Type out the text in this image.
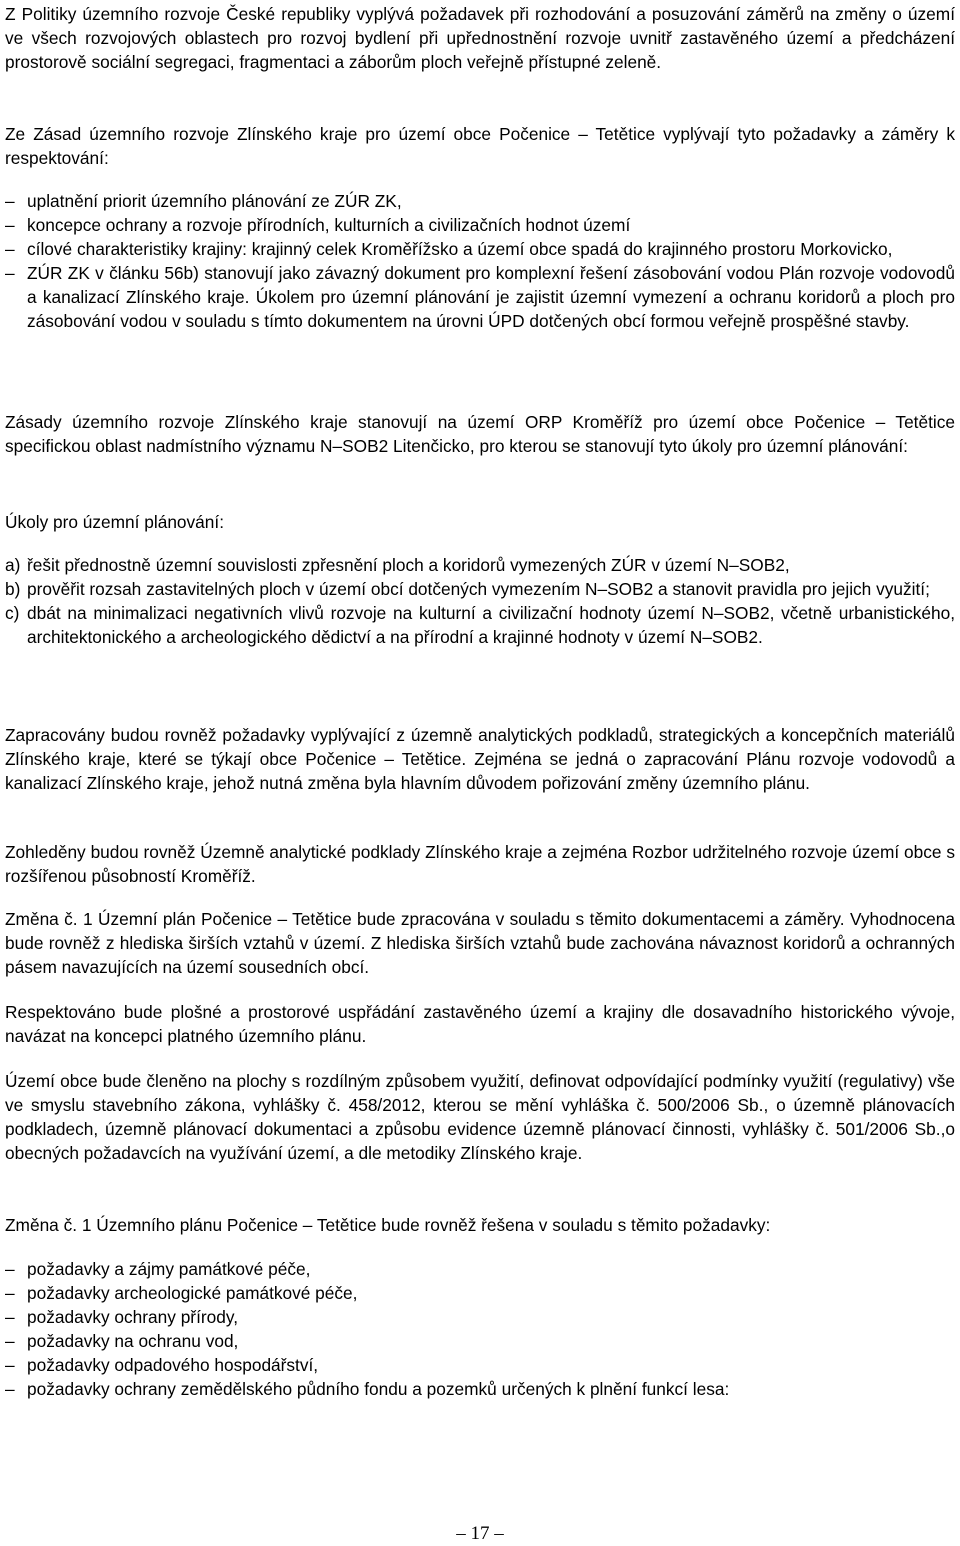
Z Politiky územního rozvoje České republiky vyplývá požadavek při rozhodování a posuzování záměrů na změny o území ve všech rozvojových oblastech pro rozvoj bydlení při upřednostnění rozvoje uvnitř zastavěného území a předcházení prostorově sociální segregaci, fragmentaci a záborům ploch veřejně přístupné zeleně.

Ze Zásad územního rozvoje Zlínského kraje pro území obce Počenice – Tetětice vyplývají tyto požadavky a záměry k respektování:

– uplatnění priorit územního plánování ze ZÚR ZK,
– koncepce ochrany a rozvoje přírodních, kulturních a civilizačních hodnot území
– cílové charakteristiky krajiny: krajinný celek Kroměřížsko a území obce spadá do krajinného prostoru Morkovicko,
– ZÚR ZK v článku 56b) stanovují jako závazný dokument pro komplexní řešení zásobování vodou Plán rozvoje vodovodů a kanalizací Zlínského kraje. Úkolem pro územní plánování je zajistit územní vymezení a ochranu koridorů a ploch pro zásobování vodou v souladu s tímto dokumentem na úrovni ÚPD dotčených obcí formou veřejně prospěšné stavby.

Zásady územního rozvoje Zlínského kraje stanovují na území ORP Kroměříž pro území obce Počenice – Tetětice specifickou oblast nadmístního významu N–SOB2 Litenčicko, pro kterou se stanovují tyto úkoly pro územní plánování:

Úkoly pro územní plánování:

a) řešit přednostně územní souvislosti zpřesnění ploch a koridorů vymezených ZÚR v území N–SOB2,
b) prověřit rozsah zastavitelných ploch v území obcí dotčených vymezením N–SOB2 a stanovit pravidla pro jejich využití;
c) dbát na minimalizaci negativních vlivů rozvoje na kulturní a civilizační hodnoty území N–SOB2, včetně urbanistického, architektonického a archeologického dědictví a na přírodní a krajinné hodnoty v území N–SOB2.

Zapracovány budou rovněž požadavky vyplývající z územně analytických podkladů, strategických a koncepčních materiálů Zlínského kraje, které se týkají obce Počenice – Tetětice. Zejména se jedná o zapracování Plánu rozvoje vodovodů a kanalizací Zlínského kraje, jehož nutná změna byla hlavním důvodem pořizování změny územního plánu.

Zohleděny budou rovněž Územně analytické podklady Zlínského kraje a zejména Rozbor udržitelného rozvoje území obce s rozšířenou působností Kroměříž.

Změna č. 1 Územní plán Počenice – Tetětice bude zpracována v souladu s těmito dokumentacemi a záměry. Vyhodnocena bude rovněž z hlediska širších vztahů v území. Z hlediska širších vztahů bude zachována návaznost koridorů a ochranných pásem navazujících na území sousedních obcí.

Respektováno bude plošné a prostorové uspřádání zastavěného území a krajiny dle dosavadního historického vývoje, navázat na koncepci platného územního plánu.

Území obce bude členěno na plochy s rozdílným způsobem využití, definovat odpovídající podmínky využití (regulativy) vše ve smyslu stavebního zákona, vyhlášky č. 458/2012, kterou se mění vyhláška č. 500/2006 Sb., o územně plánovacích podkladech, územně plánovací dokumentaci a způsobu evidence územně plánovací činnosti, vyhlášky č. 501/2006 Sb.,o obecných požadavcích na využívání území, a dle metodiky Zlínského kraje.

Změna č. 1 Územního plánu Počenice – Tetětice bude rovněž řešena v souladu s těmito požadavky:

– požadavky a zájmy památkové péče,
– požadavky archeologické památkové péče,
– požadavky ochrany přírody,
– požadavky na ochranu vod,
– požadavky odpadového hospodářství,
– požadavky ochrany zemědělského půdního fondu a pozemků určených k plnění funkcí lesa:
– 17 –
